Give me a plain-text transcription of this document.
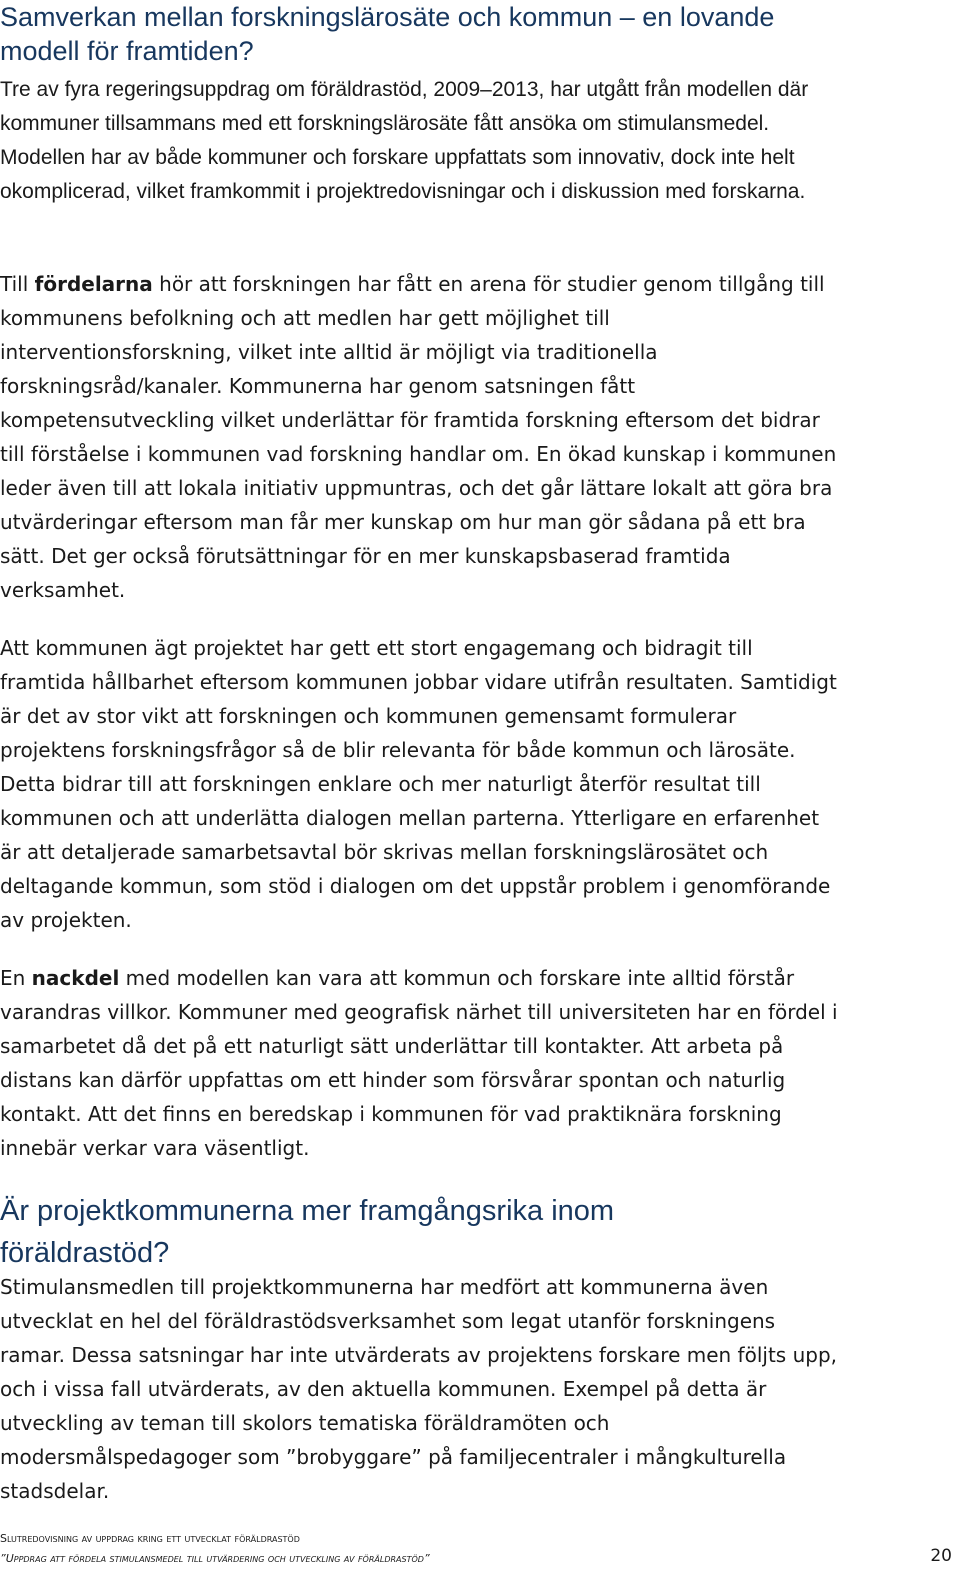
Samverkan mellan forskningslärosäte och kommun – en lovande modell för framtiden?

Tre av fyra regeringsuppdrag om föräldrastöd, 2009–2013, har utgått från modellen där kommuner tillsammans med ett forskningslärosäte fått ansöka om stimulansmedel. Modellen har av både kommuner och forskare uppfattats som innovativ, dock inte helt okomplicerad, vilket framkommit i projektredovisningar och i diskussion med forskarna.

Till fördelarna hör att forskningen har fått en arena för studier genom tillgång till kommunens befolkning och att medlen har gett möjlighet till interventionsforskning, vilket inte alltid är möjligt via traditionella forskningsråd/kanaler. Kommunerna har genom satsningen fått kompetensutveckling vilket underlättar för framtida forskning eftersom det bidrar till förståelse i kommunen vad forskning handlar om. En ökad kunskap i kommunen leder även till att lokala initiativ uppmuntras, och det går lättare lokalt att göra bra utvärderingar eftersom man får mer kunskap om hur man gör sådana på ett bra sätt. Det ger också förutsättningar för en mer kunskapsbaserad framtida verksamhet.

Att kommunen ägt projektet har gett ett stort engagemang och bidragit till framtida hållbarhet eftersom kommunen jobbar vidare utifrån resultaten. Samtidigt är det av stor vikt att forskningen och kommunen gemensamt formulerar projektens forskningsfrågor så de blir relevanta för både kommun och lärosäte. Detta bidrar till att forskningen enklare och mer naturligt återför resultat till kommunen och att underlätta dialogen mellan parterna. Ytterligare en erfarenhet är att detaljerade samarbetsavtal bör skrivas mellan forskningslärosätet och deltagande kommun, som stöd i dialogen om det uppstår problem i genomförande av projekten.

En nackdel med modellen kan vara att kommun och forskare inte alltid förstår varandras villkor. Kommuner med geografisk närhet till universiteten har en fördel i samarbetet då det på ett naturligt sätt underlättar till kontakter. Att arbeta på distans kan därför uppfattas om ett hinder som försvårar spontan och naturlig kontakt. Att det finns en beredskap i kommunen för vad praktiknära forskning innebär verkar vara väsentligt.

Är projektkommunerna mer framgångsrika inom föräldrastöd?

Stimulansmedlen till projektkommunerna har medfört att kommunerna även utvecklat en hel del föräldrastödsverksamhet som legat utanför forskningens ramar. Dessa satsningar har inte utvärderats av projektens forskare men följts upp, och i vissa fall utvärderats, av den aktuella kommunen. Exempel på detta är utveckling av teman till skolors tematiska föräldramöten och modersmålspedagoger som ”brobyggare” på familjecentraler i mångkulturella stadsdelar.

Slutredovisning av uppdrag kring ett utvecklat föräldrastöd

”Uppdrag att fördela stimulansmedel till utvärdering och utveckling av föräldrastöd”	20
